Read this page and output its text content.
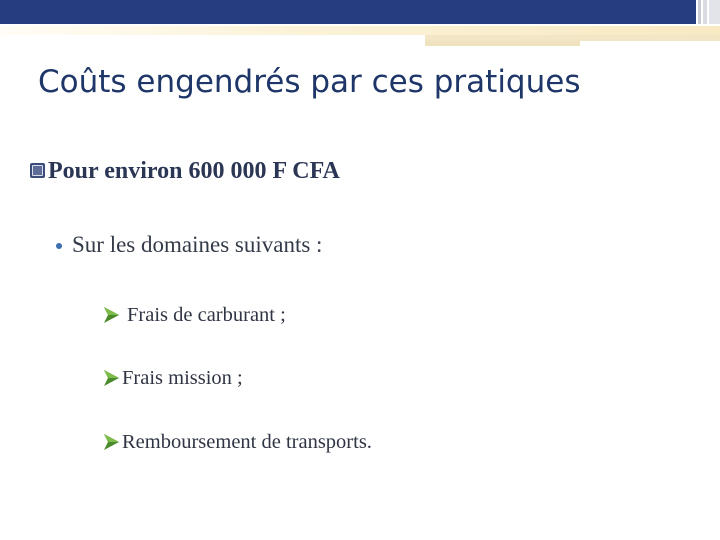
Coûts engendrés par ces pratiques
Pour environ 600 000 F CFA
Sur les domaines suivants :
Frais de carburant ;
Frais mission ;
Remboursement de transports.
